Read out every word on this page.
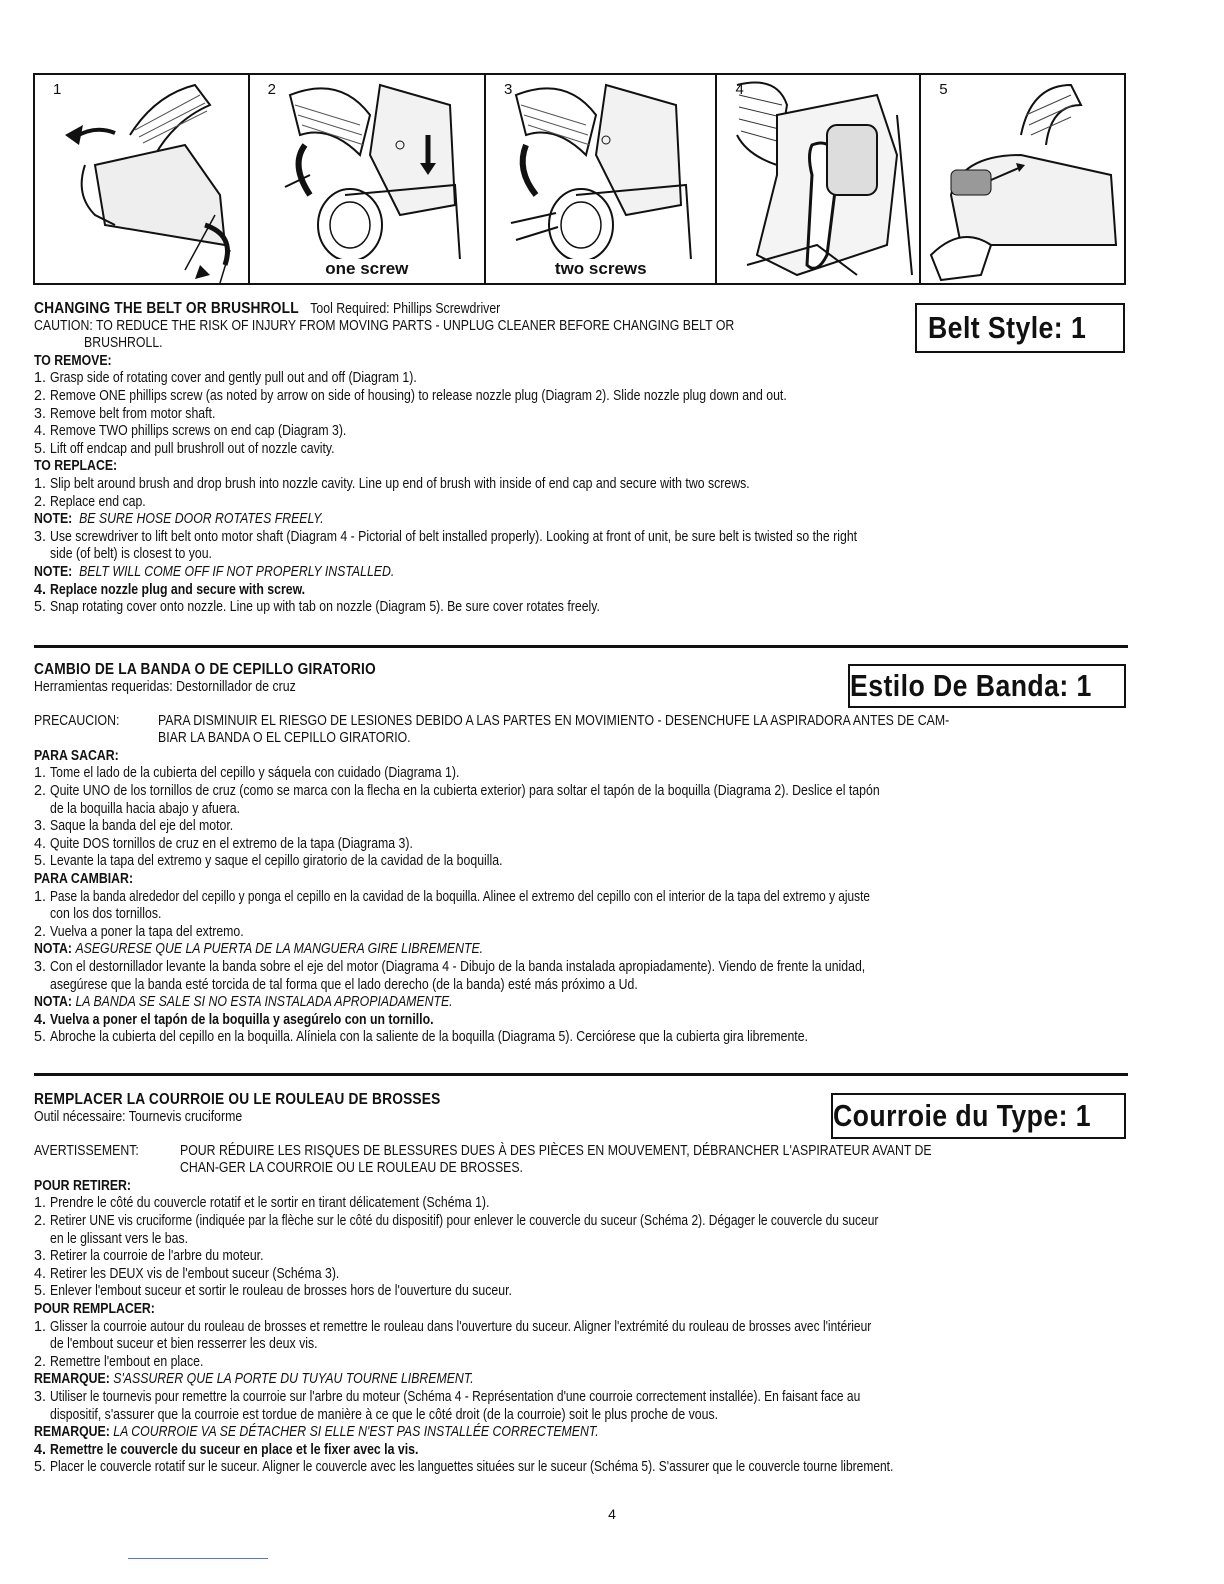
1	2
one screw
3
two screws
4	5
CHANGING THE BELT OR BRUSHROLL Tool Required: Phillips Screwdriver
CAUTION: TO REDUCE THE RISK OF INJURY FROM MOVING PARTS - UNPLUG CLEANER BEFORE CHANGING BELT OR
BRUSHROLL.
TO REMOVE:
1. Grasp side of rotating cover and gently pull out and off (Diagram 1).
2. Remove ONE phillips screw (as noted by arrow on side of housing) to release nozzle plug (Diagram 2). Slide nozzle plug down and out.
3. Remove belt from motor shaft.
4. Remove TWO phillips screws on end cap (Diagram 3).
5. Lift off endcap and pull brushroll out of nozzle cavity.
TO REPLACE:
1. Slip belt around brush and drop brush into nozzle cavity. Line up end of brush with inside of end cap and secure with two screws.
2. Replace end cap.
NOTE: BE SURE HOSE DOOR ROTATES FREELY.
3. Use screwdriver to lift belt onto motor shaft (Diagram 4 - Pictorial of belt installed properly). Looking at front of unit, be sure belt is twisted so the right
side (of belt) is closest to you.
NOTE: BELT WILL COME OFF IF NOT PROPERLY INSTALLED.
4. Replace nozzle plug and secure with screw.
5. Snap rotating cover onto nozzle. Line up with tab on nozzle (Diagram 5). Be sure cover rotates freely.
Belt Style: 1
CAMBIO DE LA BANDA O DE CEPILLO GIRATORIO
Herramientas requeridas: Destornillador de cruz
PRECAUCION:	PARA DISMINUIR EL RIESGO DE LESIONES DEBIDO A LAS PARTES EN MOVIMIENTO - DESENCHUFE LA ASPIRADORA ANTES DE CAM-
BIAR LA BANDA O EL CEPILLO GIRATORIO.
PARA SACAR:
1. Tome el lado de la cubierta del cepillo y sáquela con cuidado (Diagrama 1).
2. Quite UNO de los tornillos de cruz (como se marca con la flecha en la cubierta exterior) para soltar el tapón de la boquilla (Diagrama 2). Deslice el tapón
de la boquilla hacia abajo y afuera.
3. Saque la banda del eje del motor.
4. Quite DOS tornillos de cruz en el extremo de la tapa (Diagrama 3).
5. Levante la tapa del extremo y saque el cepillo giratorio de la cavidad de la boquilla.
PARA CAMBIAR:
1. Pase la banda alrededor del cepillo y ponga el cepillo en la cavidad de la boquilla. Alinee el extremo del cepillo con el interior de la tapa del extremo y ajuste
con los dos tornillos.
2. Vuelva a poner la tapa del extremo.
NOTA: ASEGURESE QUE LA PUERTA DE LA MANGUERA GIRE LIBREMENTE.
3. Con el destornillador levante la banda sobre el eje del motor (Diagrama 4 - Dibujo de la banda instalada apropiadamente). Viendo de frente la unidad,
asegúrese que la banda esté torcida de tal forma que el lado derecho (de la banda) esté más próximo a Ud.
NOTA: LA BANDA SE SALE SI NO ESTA INSTALADA APROPIADAMENTE.
4. Vuelva a poner el tapón de la boquilla y asegúrelo con un tornillo.
5. Abroche la cubierta del cepillo en la boquilla. Alíniela con la saliente de la boquilla (Diagrama 5). Cerciórese que la cubierta gira libremente.
Estilo De Banda: 1
REMPLACER LA COURROIE OU LE ROULEAU DE BROSSES
Outil nécessaire: Tournevis cruciforme
AVERTISSEMENT:	POUR RÉDUIRE LES RISQUES DE BLESSURES DUES À DES PIÈCES EN MOUVEMENT, DÉBRANCHER L'ASPIRATEUR AVANT DE
CHAN-GER LA COURROIE OU LE ROULEAU DE BROSSES.
POUR RETIRER:
1. Prendre le côté du couvercle rotatif et le sortir en tirant délicatement (Schéma 1).
2. Retirer UNE vis cruciforme (indiquée par la flèche sur le côté du dispositif) pour enlever le couvercle du suceur (Schéma 2). Dégager le couvercle du suceur
en le glissant vers le bas.
3. Retirer la courroie de l'arbre du moteur.
4. Retirer les DEUX vis de l'embout suceur (Schéma 3).
5. Enlever l'embout suceur et sortir le rouleau de brosses hors de l'ouverture du suceur.
POUR REMPLACER:
1. Glisser la courroie autour du rouleau de brosses et remettre le rouleau dans l'ouverture du suceur. Aligner l'extrémité du rouleau de brosses avec l'intérieur
de l'embout suceur et bien resserrer les deux vis.
2. Remettre l'embout en place.
REMARQUE: S'ASSURER QUE LA PORTE DU TUYAU TOURNE LIBREMENT.
3. Utiliser le tournevis pour remettre la courroie sur l'arbre du moteur (Schéma 4 - Représentation d'une courroie correctement installée). En faisant face au
dispositif, s'assurer que la courroie est tordue de manière à ce que le côté droit (de la courroie) soit le plus proche de vous.
REMARQUE: LA COURROIE VA SE DÉTACHER SI ELLE N'EST PAS INSTALLÉE CORRECTEMENT.
4. Remettre le couvercle du suceur en place et le fixer avec la vis.
5. Placer le couvercle rotatif sur le suceur. Aligner le couvercle avec les languettes situées sur le suceur (Schéma 5). S'assurer que le couvercle tourne librement.
Courroie du Type: 1
4
